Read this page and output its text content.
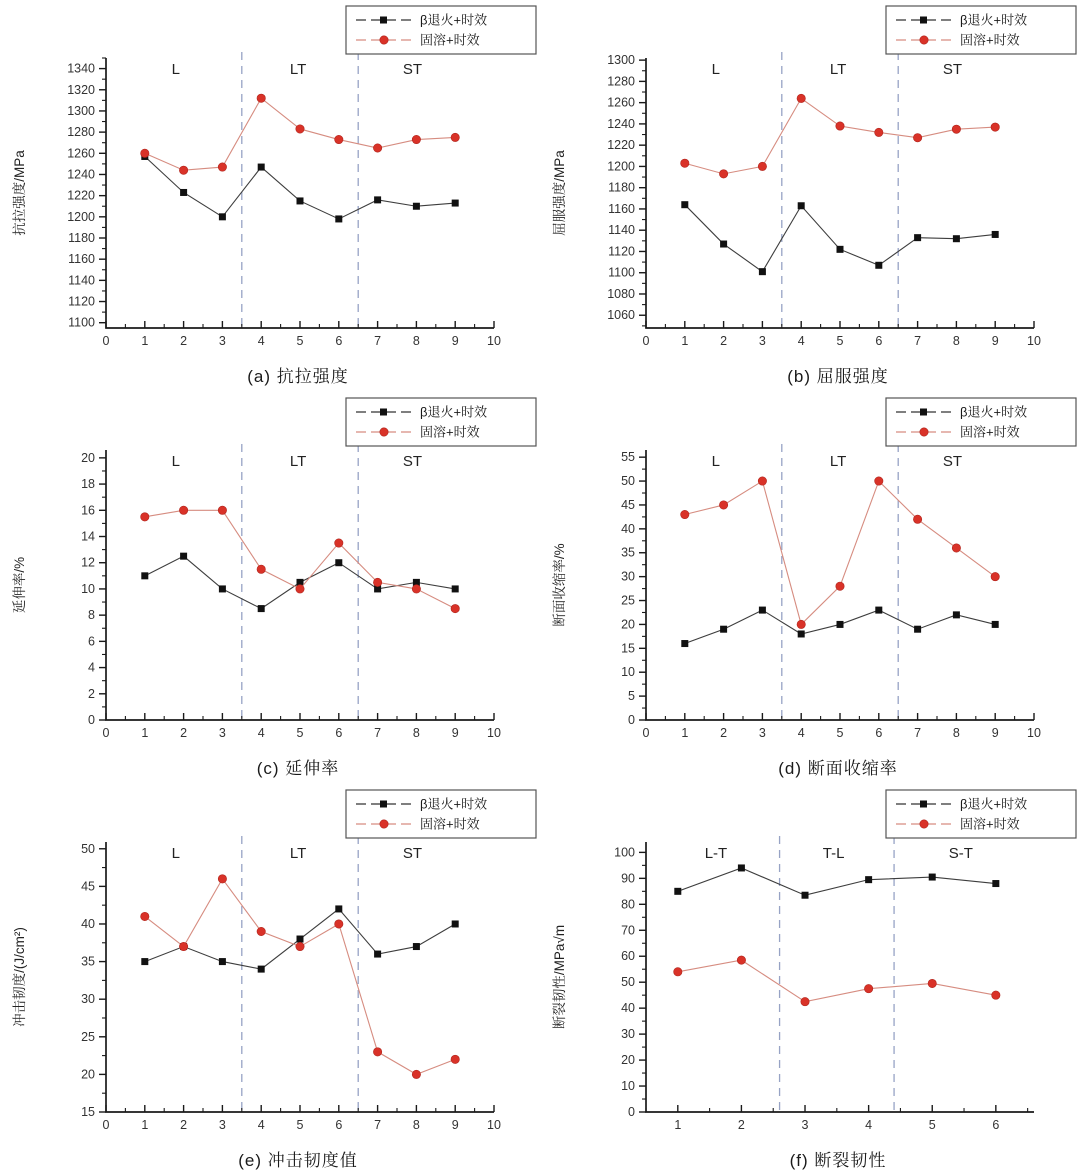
L	LT	ST
1100
1120
1140
1160
1180
1200
1220
1240
1260
1280
1300
1320
1340
0	1	2	3	4	5	6	7	8	9 10
β退火+时效
固溶+时效
抗拉强度/MPa
(a) 抗拉强度
L	LT	ST
1060
1080
1100
1120
1140
1160
1180
1200
1220
1240
1260
1280
1300
0	1	2	3	4	5	6	7	8	9 10
β退火+时效
固溶+时效
屈服强度/MPa
(b) 屈服强度
L	LT	ST
0
2
4
6
8
10
12
14
16
18
20
0	1	2	3	4	5	6	7	8	9 10
β退火+时效
固溶+时效
延伸率/%
(c) 延伸率
L	LT	ST
0
5
10
15
20
25
30
35
40
45
50
55
0	1	2	3	4	5	6	7	8	9 10
β退火+时效
固溶+时效
断面收缩率/%
(d) 断面收缩率
L	LT	ST
15
20
25
30
35
40
45
50
0	1	2	3	4	5	6	7	8	9 10
β退火+时效
固溶+时效
冲击韧度/(J/cm²)
(e) 冲击韧度值
L-T	T-L	S-T
0
10
20
30
40
50
60
70
80
90
100
1	2	3	4	5	6
β退火+时效
固溶+时效
断裂韧性/MPa√m
(f) 断裂韧性
